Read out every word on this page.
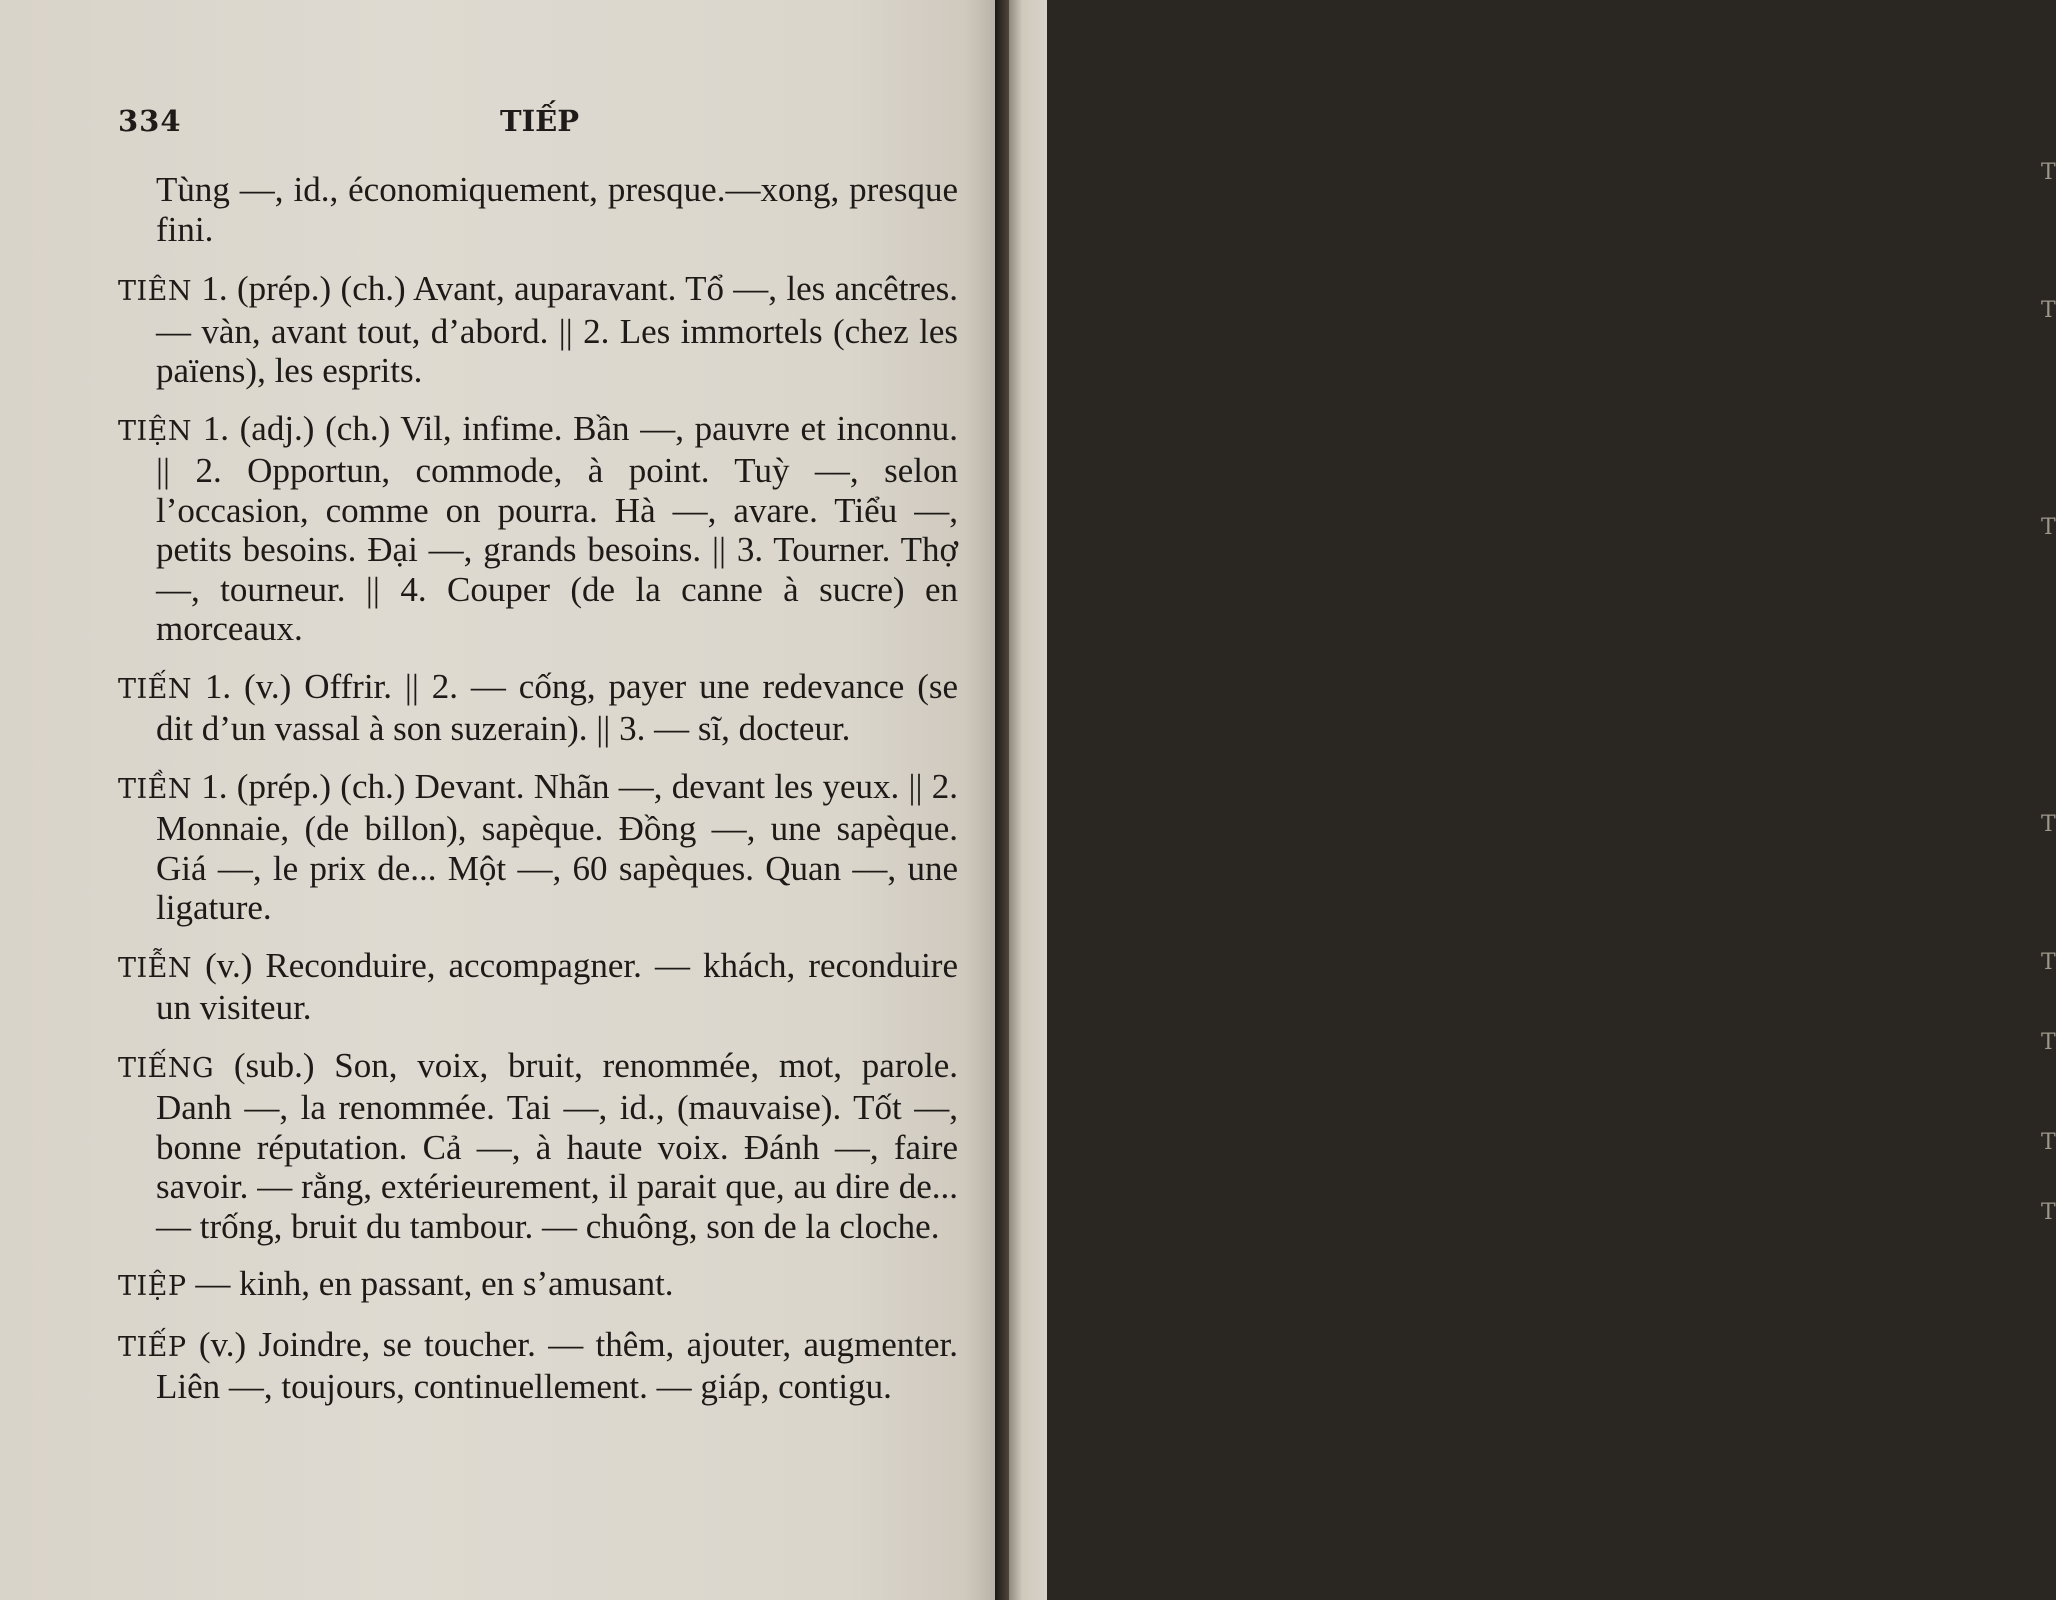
334	TIẾP

Tùng —, id., économiquement, presque.—xong, presque fini.

TIÊN 1. (prép.) (ch.) Avant, auparavant. Tổ —, les ancêtres. — vàn, avant tout, d’abord. || 2. Les immortels (chez les païens), les esprits.

TIỆN 1. (adj.) (ch.) Vil, infime. Bần —, pauvre et inconnu. || 2. Opportun, commode, à point. Tuỳ —, selon l’occasion, comme on pourra. Hà —, avare. Tiểu —, petits besoins. Đại —, grands besoins. || 3. Tourner. Thợ —, tourneur. || 4. Couper (de la canne à sucre) en morceaux.

TIẾN 1. (v.) Offrir. || 2. — cống, payer une redevance (se dit d’un vassal à son suzerain). || 3. — sĩ, docteur.

TIỀN 1. (prép.) (ch.) Devant. Nhãn —, devant les yeux. || 2. Monnaie, (de billon), sapèque. Đồng —, une sapèque. Giá —, le prix de... Một —, 60 sapèques. Quan —, une ligature.

TIỄN (v.) Reconduire, accompagner. — khách, reconduire un visiteur.

TIẾNG (sub.) Son, voix, bruit, renommée, mot, parole. Danh —, la renommée. Tai —, id., (mauvaise). Tốt —, bonne réputation. Cả —, à haute voix. Đánh —, faire savoir. — rằng, extérieurement, il parait que, au dire de... — trống, bruit du tambour. — chuông, son de la cloche.

TIỆP — kinh, en passant, en s’amusant.

TIẾP (v.) Joindre, se toucher. — thêm, ajouter, augmenter. Liên —, toujours, continuellement. — giáp, contigu.

T
T
T
T
T
T
T
T
